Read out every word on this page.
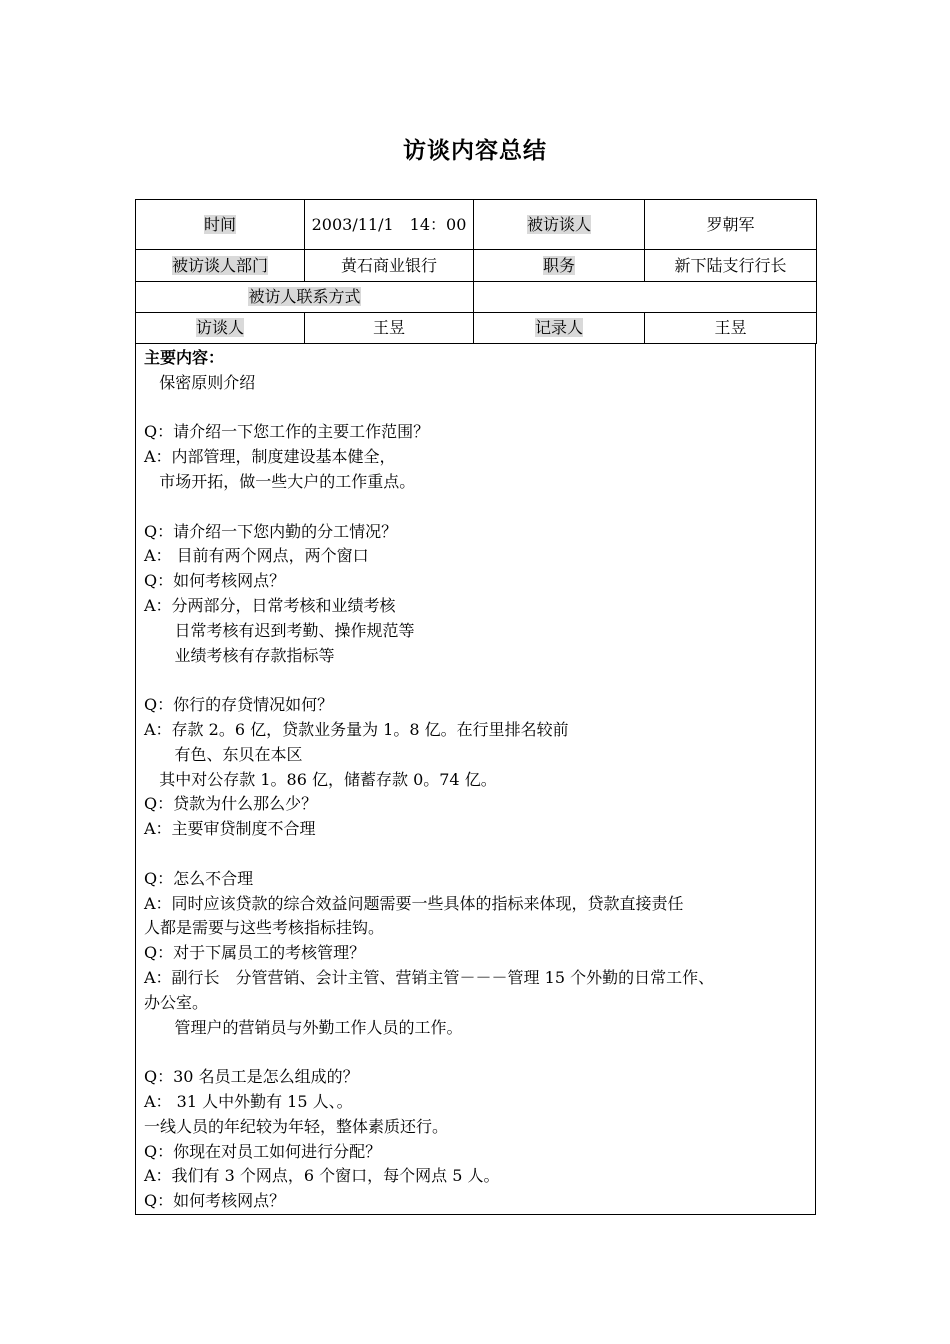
访谈内容总结
时间	2003/11/1　14：00	被访谈人	罗朝军
被访谈人部门	黄石商业银行	职务	新下陆支行行长
被访人联系方式			
访谈人	王昱	记录人	王昱
主要内容：
保密原则介绍
Q：请介绍一下您工作的主要工作范围？
A：内部管理，制度建设基本健全，
市场开拓，做一些大户的工作重点。
Q：请介绍一下您内勤的分工情况？
A： 目前有两个网点，两个窗口
Q：如何考核网点？
A：分两部分，日常考核和业绩考核
日常考核有迟到考勤、操作规范等
业绩考核有存款指标等
Q：你行的存贷情况如何？
A：存款 2。6 亿，贷款业务量为 1。8 亿。在行里排名较前
有色、东贝在本区
其中对公存款 1。86 亿，储蓄存款 0。74 亿。
Q：贷款为什么那么少？
A：主要审贷制度不合理
Q：怎么不合理
A：同时应该贷款的综合效益问题需要一些具体的指标来体现，贷款直接责任
人都是需要与这些考核指标挂钩。
Q：对于下属员工的考核管理？
A：副行长　分管营销、会计主管、营销主管－－－管理 15 个外勤的日常工作、
办公室。
管理户的营销员与外勤工作人员的工作。
Q：30 名员工是怎么组成的？
A： 31 人中外勤有 15 人、。
一线人员的年纪较为年轻，整体素质还行。
Q：你现在对员工如何进行分配？
A：我们有 3 个网点，6 个窗口，每个网点 5 人。
Q：如何考核网点？
